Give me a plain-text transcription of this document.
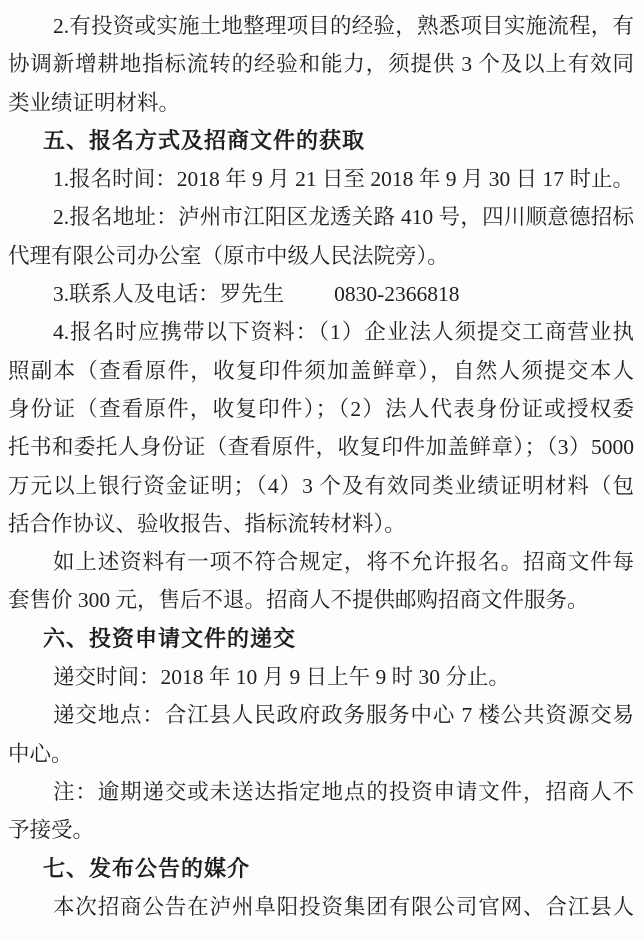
2.有投资或实施土地整理项目的经验，熟悉项目实施流程，有
协调新增耕地指标流转的经验和能力，须提供 3 个及以上有效同
类业绩证明材料。
五、报名方式及招商文件的获取
1.报名时间：2018 年 9 月 21 日至 2018 年 9 月 30 日 17 时止。
2.报名地址：泸州市江阳区龙透关路 410 号，四川顺意德招标
代理有限公司办公室（原市中级人民法院旁）。
3.联系人及电话：罗先生 0830-2366818
4.报名时应携带以下资料：（1）企业法人须提交工商营业执
照副本（查看原件，收复印件须加盖鲜章），自然人须提交本人
身份证（查看原件，收复印件）；（2）法人代表身份证或授权委
托书和委托人身份证（查看原件，收复印件加盖鲜章）；（3）5000
万元以上银行资金证明；（4）3 个及有效同类业绩证明材料（包
括合作协议、验收报告、指标流转材料）。
如上述资料有一项不符合规定，将不允许报名。招商文件每
套售价 300 元，售后不退。招商人不提供邮购招商文件服务。
六、投资申请文件的递交
递交时间：2018 年 10 月 9 日上午 9 时 30 分止。
递交地点：合江县人民政府政务服务中心 7 楼公共资源交易
中心。
注：逾期递交或未送达指定地点的投资申请文件，招商人不
予接受。
七、发布公告的媒介
本次招商公告在泸州阜阳投资集团有限公司官网、合江县人
